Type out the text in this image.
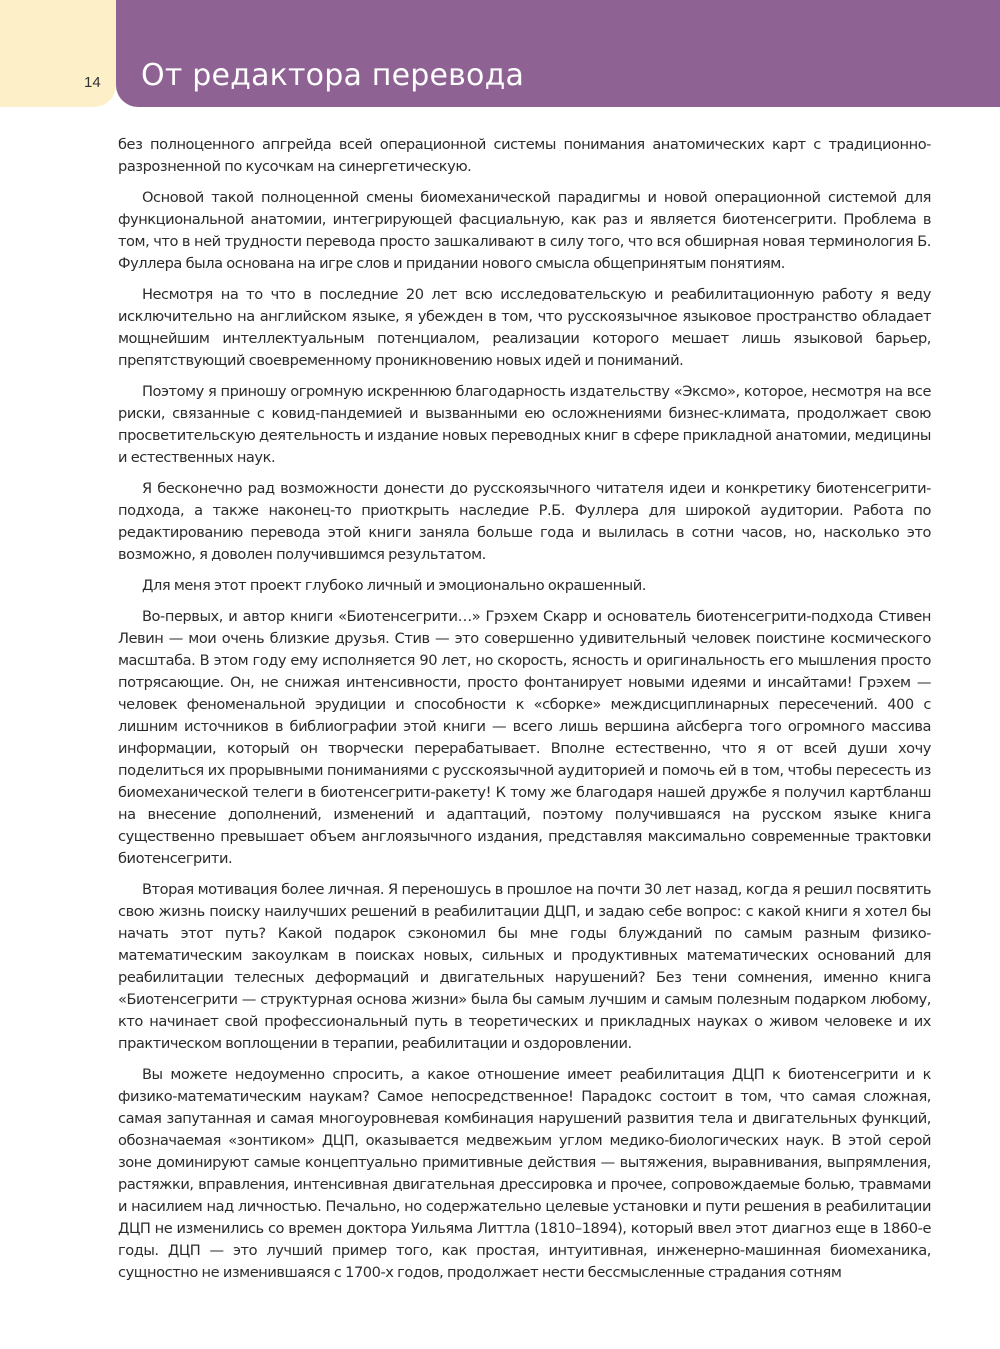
14 От редактора перевода

без полноценного апгрейда всей операционной системы понимания анатомических карт с традиционно-разрозненной по кусочкам на синергетическую.

Основой такой полноценной смены биомеханической парадигмы и новой операционной системой для функциональной анатомии, интегрирующей фасциальную, как раз и является биотенсегрити. Проблема в том, что в ней трудности перевода просто зашкаливают в силу того, что вся обширная новая терминология Б. Фуллера была основана на игре слов и придании нового смысла общепринятым понятиям.

Несмотря на то что в последние 20 лет всю исследовательскую и реабилитационную работу я веду исключительно на английском языке, я убежден в том, что русскоязычное языковое пространство обладает мощнейшим интеллектуальным потенциалом, реализации которого мешает лишь языковой барьер, препятствующий своевременному проникновению новых идей и пониманий.

Поэтому я приношу огромную искреннюю благодарность издательству «Эксмо», которое, несмотря на все риски, связанные с ковид-пандемией и вызванными ею осложнениями бизнес-климата, продолжает свою просветительскую деятельность и издание новых переводных книг в сфере прикладной анатомии, медицины и естественных наук.

Я бесконечно рад возможности донести до русскоязычного читателя идеи и конкретику биотенсегрити-подхода, а также наконец-то приоткрыть наследие Р.Б. Фуллера для широкой аудитории. Работа по редактированию перевода этой книги заняла больше года и вылилась в сотни часов, но, насколько это возможно, я доволен получившимся результатом.

Для меня этот проект глубоко личный и эмоционально окрашенный.

Во-первых, и автор книги «Биотенсегрити…» Грэхем Скарр и основатель биотенсегрити-подхода Стивен Левин — мои очень близкие друзья. Стив — это совершенно удивительный человек поистине космического масштаба. В этом году ему исполняется 90 лет, но скорость, ясность и оригинальность его мышления просто потрясающие. Он, не снижая интенсивности, просто фонтанирует новыми идеями и инсайтами! Грэхем — человек феноменальной эрудиции и способности к «сборке» междисциплинарных пересечений. 400 с лишним источников в библиографии этой книги — всего лишь вершина айсберга того огромного массива информации, который он творчески перерабатывает. Вполне естественно, что я от всей души хочу поделиться их прорывными пониманиями с русскоязычной аудиторией и помочь ей в том, чтобы пересесть из биомеханической телеги в биотенсегрити-ракету! К тому же благодаря нашей дружбе я получил картбланш на внесение дополнений, изменений и адаптаций, поэтому получившаяся на русском языке книга существенно превышает объем англоязычного издания, представляя максимально современные трактовки биотенсегрити.

Вторая мотивация более личная. Я переношусь в прошлое на почти 30 лет назад, когда я решил посвятить свою жизнь поиску наилучших решений в реабилитации ДЦП, и задаю себе вопрос: с какой книги я хотел бы начать этот путь? Какой подарок сэкономил бы мне годы блужданий по самым разным физико-математическим закоулкам в поисках новых, сильных и продуктивных математических оснований для реабилитации телесных деформаций и двигательных нарушений? Без тени сомнения, именно книга «Биотенсегрити — структурная основа жизни» была бы самым лучшим и самым полезным подарком любому, кто начинает свой профессиональный путь в теоретических и прикладных науках о живом человеке и их практическом воплощении в терапии, реабилитации и оздоровлении.

Вы можете недоуменно спросить, а какое отношение имеет реабилитация ДЦП к биотенсегрити и к физико-математическим наукам? Самое непосредственное! Парадокс состоит в том, что самая сложная, самая запутанная и самая многоуровневая комбинация нарушений развития тела и двигательных функций, обозначаемая «зонтиком» ДЦП, оказывается медвежьим углом медико-биологических наук. В этой серой зоне доминируют самые концептуально примитивные действия — вытяжения, выравнивания, выпрямления, растяжки, вправления, интенсивная двигательная дрессировка и прочее, сопровождаемые болью, травмами и насилием над личностью. Печально, но содержательно целевые установки и пути решения в реабилитации ДЦП не изменились со времен доктора Уильяма Литтла (1810–1894), который ввел этот диагноз еще в 1860-е годы. ДЦП — это лучший пример того, как простая, интуитивная, инженерно-машинная биомеханика, сущностно не изменившаяся с 1700-х годов, продолжает нести бессмысленные страдания сотням
